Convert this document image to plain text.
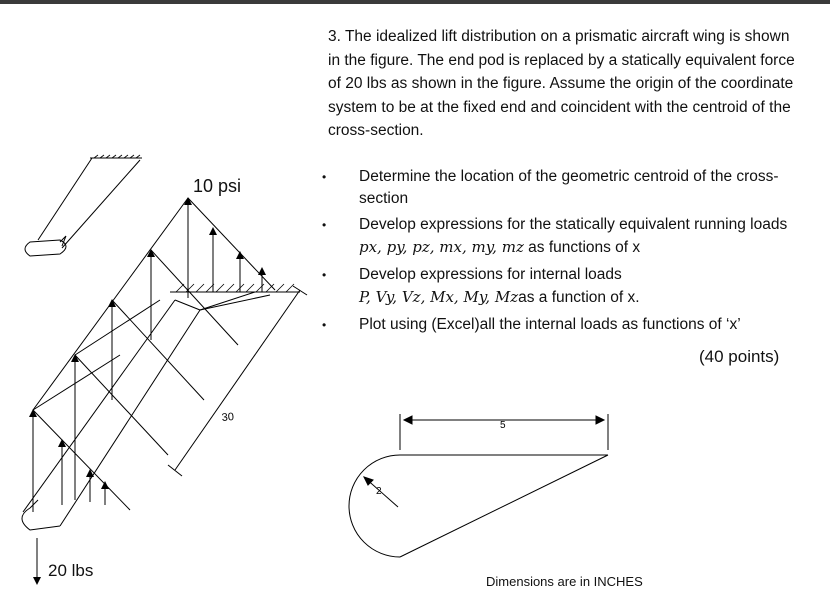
3. The idealized lift distribution on a prismatic aircraft wing is shown in the figure. The end pod is replaced by a statically equivalent force of 20 lbs as shown in the figure. Assume the origin of the coordinate system to be at the fixed end and coincident with the centroid of the cross-section.
•	Determine the location of the geometric centroid of the cross-section
•	Develop expressions for the statically equivalent running loads
px, py, pz, mx, my, mz as functions of x
•	Develop expressions for internal loads
P, Vy, Vz, Mx, My, Mzas a function of x.
•	Plot using (Excel)all the internal loads as functions of ‘x’
(40 points)
30
5
2
10 psi
20 lbs
Dimensions are in INCHES
